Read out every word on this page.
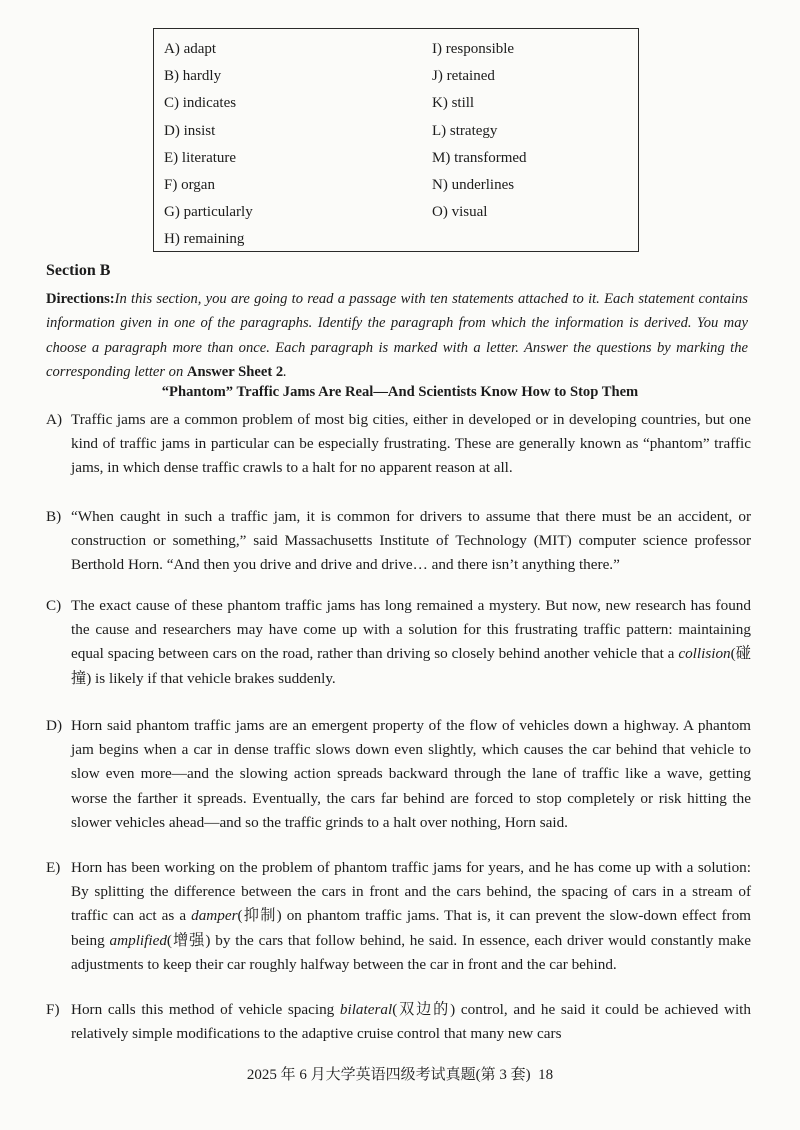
A) adapt
B) hardly
C) indicates
D) insist
E) literature
F) organ
G) particularly
H) remaining
I) responsible
J) retained
K) still
L) strategy
M) transformed
N) underlines
O) visual
Section B
Directions:In this section, you are going to read a passage with ten statements attached to it. Each statement contains information given in one of the paragraphs. Identify the paragraph from which the information is derived. You may choose a paragraph more than once. Each paragraph is marked with a letter. Answer the questions by marking the corresponding letter on Answer Sheet 2.
“Phantom” Traffic Jams Are Real—And Scientists Know How to Stop Them
A) Traffic jams are a common problem of most big cities, either in developed or in developing countries, but one kind of traffic jams in particular can be especially frustrating. These are generally known as “phantom” traffic jams, in which dense traffic crawls to a halt for no apparent reason at all.
B) “When caught in such a traffic jam, it is common for drivers to assume that there must be an accident, or construction or something,” said Massachusetts Institute of Technology (MIT) computer science professor Berthold Horn. “And then you drive and drive and drive… and there isn’t anything there.”
C) The exact cause of these phantom traffic jams has long remained a mystery. But now, new research has found the cause and researchers may have come up with a solution for this frustrating traffic pattern: maintaining equal spacing between cars on the road, rather than driving so closely behind another vehicle that a collision(碰撞) is likely if that vehicle brakes suddenly.
D) Horn said phantom traffic jams are an emergent property of the flow of vehicles down a highway. A phantom jam begins when a car in dense traffic slows down even slightly, which causes the car behind that vehicle to slow even more—and the slowing action spreads backward through the lane of traffic like a wave, getting worse the farther it spreads. Eventually, the cars far behind are forced to stop completely or risk hitting the slower vehicles ahead—and so the traffic grinds to a halt over nothing, Horn said.
E) Horn has been working on the problem of phantom traffic jams for years, and he has come up with a solution: By splitting the difference between the cars in front and the cars behind, the spacing of cars in a stream of traffic can act as a damper(抑制) on phantom traffic jams. That is, it can prevent the slow-down effect from being amplified(增强) by the cars that follow behind, he said. In essence, each driver would constantly make adjustments to keep their car roughly halfway between the car in front and the car behind.
F) Horn calls this method of vehicle spacing bilateral(双边的) control, and he said it could be achieved with relatively simple modifications to the adaptive cruise control that many new cars
2025 年 6 月大学英语四级考试真题(第 3 套) 18
